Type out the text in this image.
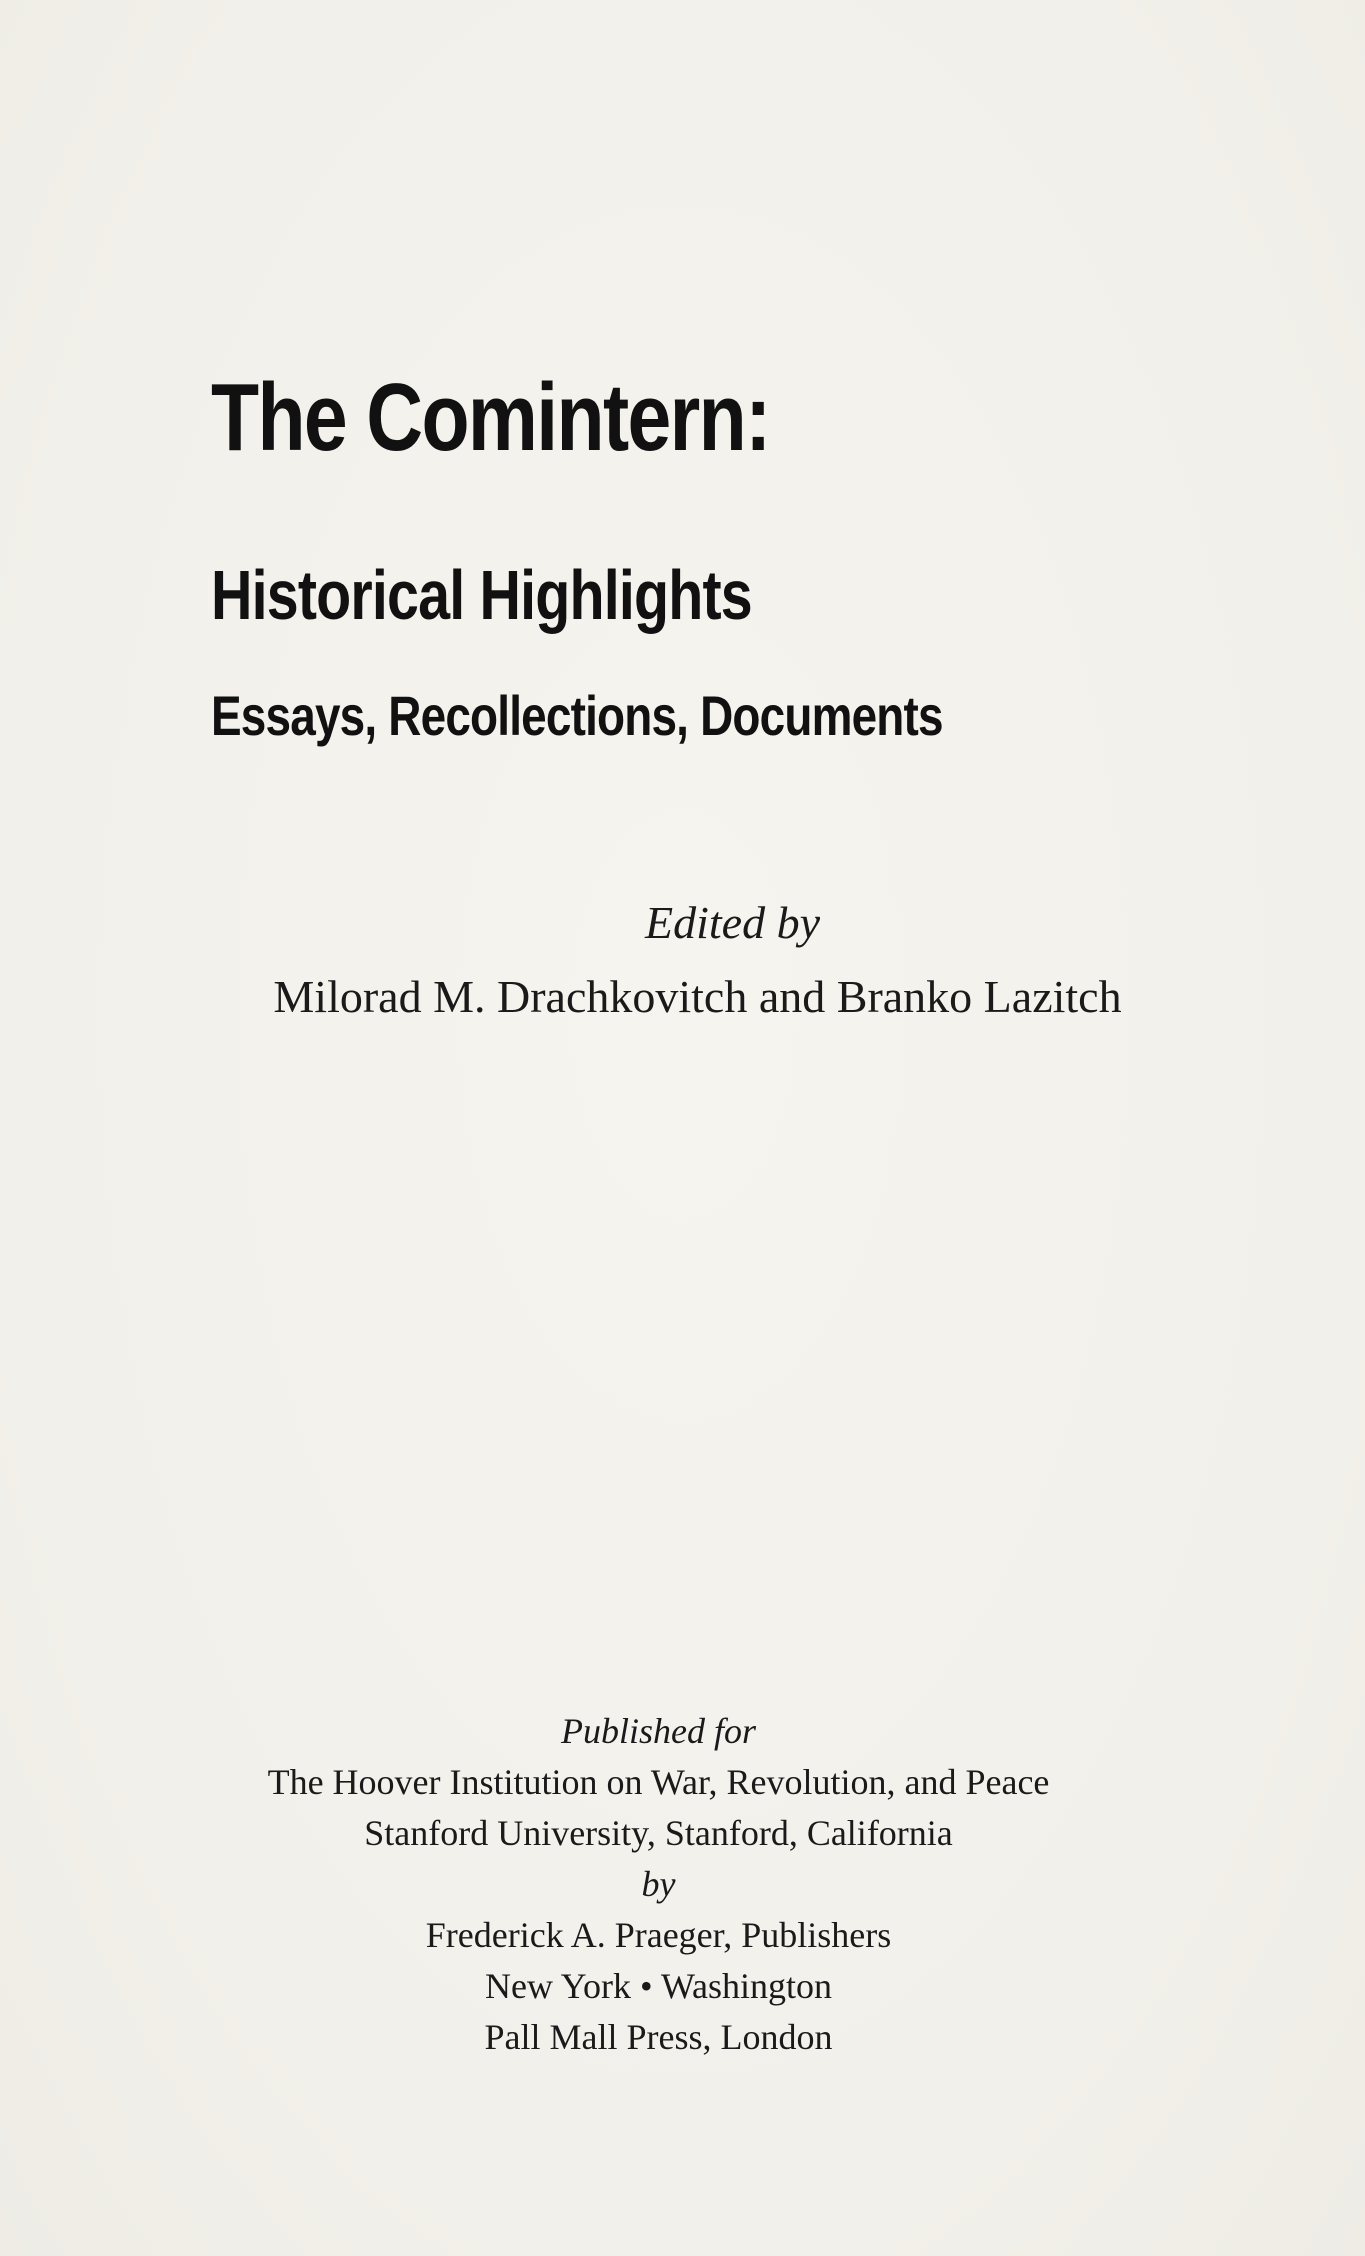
The Comintern:
Historical Highlights
Essays, Recollections, Documents

Edited by

Milorad M. Drachkovitch and Branko Lazitch

Published for

The Hoover Institution on War, Revolution, and Peace

Stanford University, Stanford, California

by

Frederick A. Praeger, Publishers

New York • Washington

Pall Mall Press, London
